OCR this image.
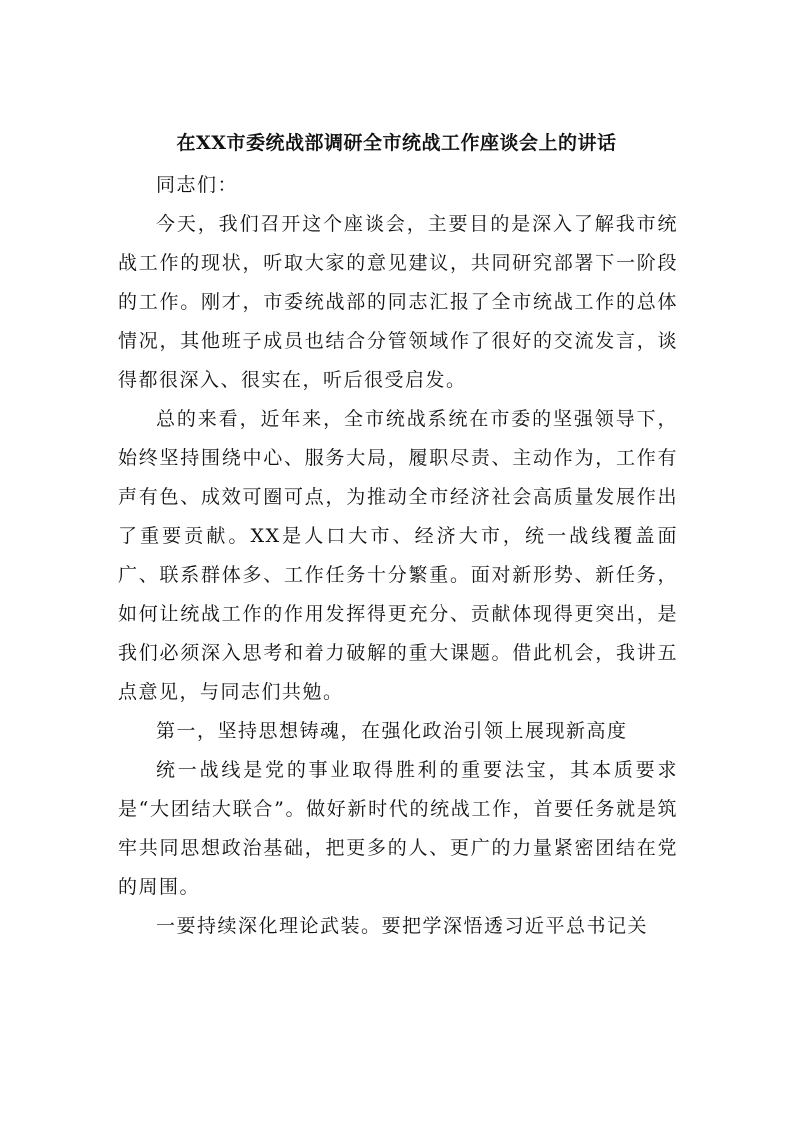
在XX市委统战部调研全市统战工作座谈会上的讲话

同志们：

今天，我们召开这个座谈会，主要目的是深入了解我市统战工作的现状，听取大家的意见建议，共同研究部署下一阶段的工作。刚才，市委统战部的同志汇报了全市统战工作的总体情况，其他班子成员也结合分管领域作了很好的交流发言，谈得都很深入、很实在，听后很受启发。

总的来看，近年来，全市统战系统在市委的坚强领导下，始终坚持围绕中心、服务大局，履职尽责、主动作为，工作有声有色、成效可圈可点，为推动全市经济社会高质量发展作出了重要贡献。XX是人口大市、经济大市，统一战线覆盖面广、联系群体多、工作任务十分繁重。面对新形势、新任务，如何让统战工作的作用发挥得更充分、贡献体现得更突出，是我们必须深入思考和着力破解的重大课题。借此机会，我讲五点意见，与同志们共勉。

第一，坚持思想铸魂，在强化政治引领上展现新高度

统一战线是党的事业取得胜利的重要法宝，其本质要求是“大团结大联合”。做好新时代的统战工作，首要任务就是筑牢共同思想政治基础，把更多的人、更广的力量紧密团结在党的周围。

一要持续深化理论武装。要把学深悟透习近平总书记关
